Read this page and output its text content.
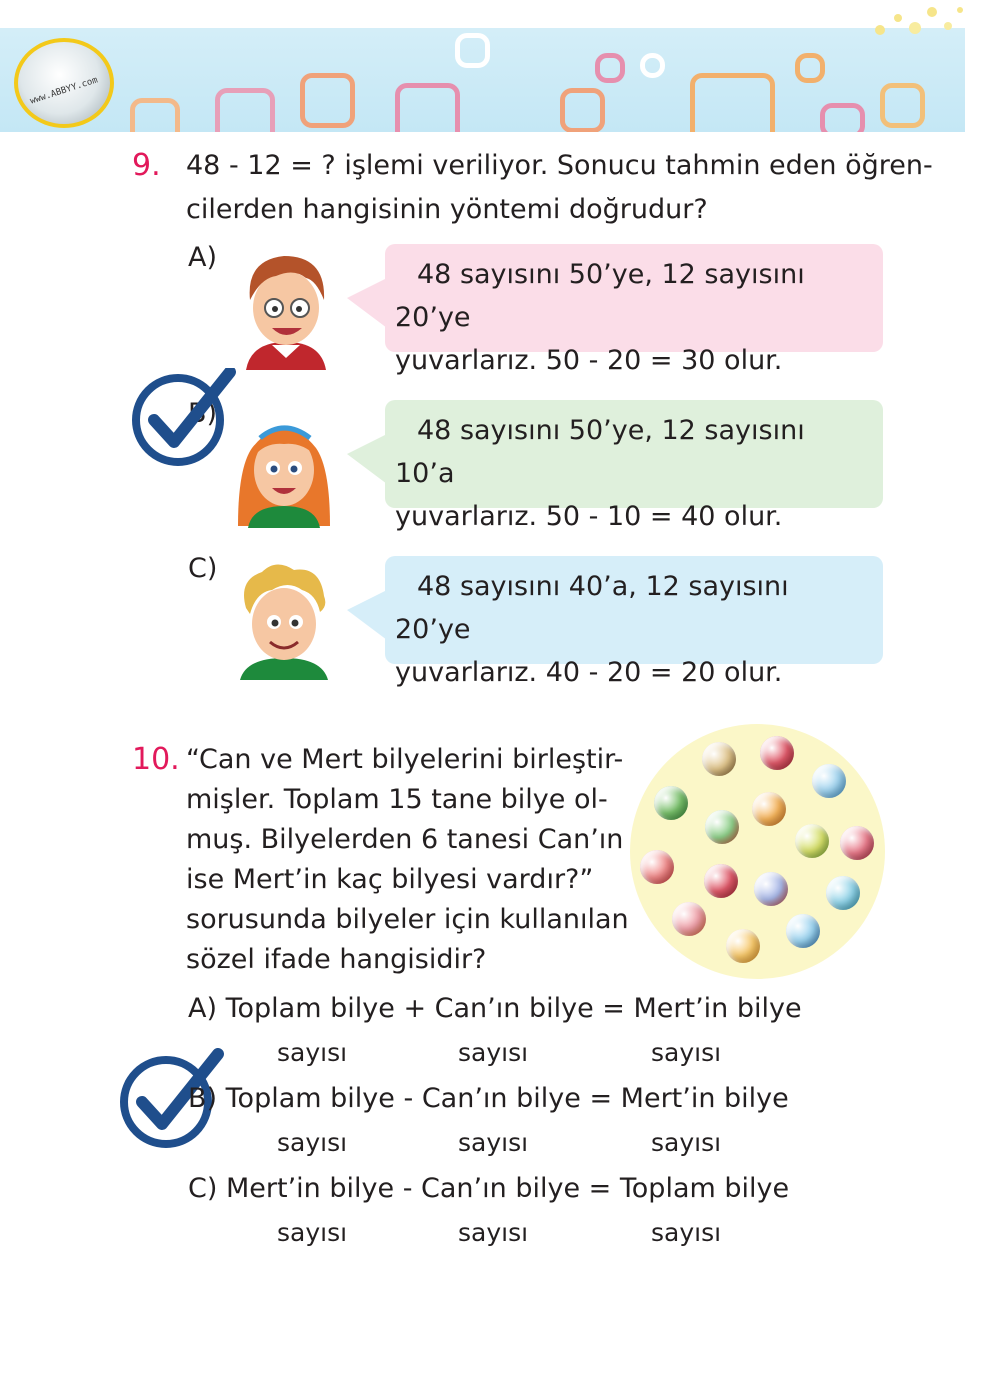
www.ABBYY.com
9. 48 - 12 = ? işlemi veriliyor. Sonucu tahmin eden öğren-
cilerden hangisinin yöntemi doğrudur?
A)
48 sayısını 50’ye, 12 sayısını 20’ye
yuvarlarız. 50 - 20 = 30 olur.
B)
48 sayısını 50’ye, 12 sayısını 10’a
yuvarlarız. 50 - 10 = 40 olur.
C)
48 sayısını 40’a, 12 sayısını 20’ye
yuvarlarız. 40 - 20 = 20 olur.
10. “Can ve Mert bilyelerini birleştir-
mişler. Toplam 15 tane bilye ol-
muş. Bilyelerden 6 tanesi Can’ın
ise Mert’in kaç bilyesi vardır?”
sorusunda bilyeler için kullanılan
sözel ifade hangisidir?
A) Toplam bilye + Can’ın bilye = Mert’in bilye
sayısı	sayısı	sayısı
B) Toplam bilye - Can’ın bilye = Mert’in bilye
sayısı	sayısı	sayısı
C) Mert’in bilye - Can’ın bilye = Toplam bilye
sayısı	sayısı	sayısı
